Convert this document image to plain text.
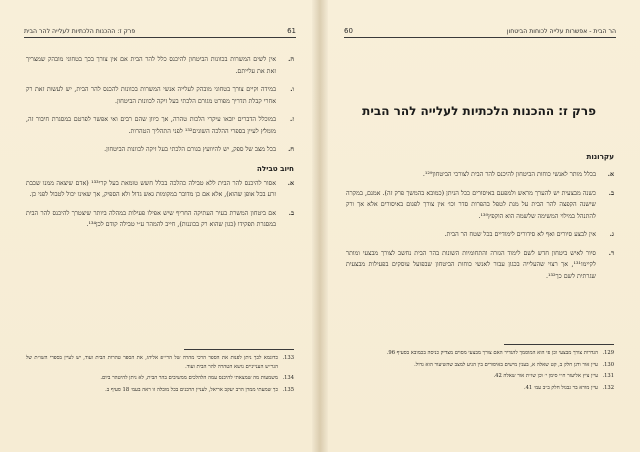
61
פרק ז: ההכנות הלכתיות לעלייה להר הבית
ה.
אין לשים המשרות בכוונות הביטחון להיכנס כלל להר הבית אם אין צורך בכך בטחוני מובהק שמצריך זאת את עלייתם.
ו.
במידה וקיים צורך בטחוני מובהק לעלייה אנשי המשרות בכוונות להכנס להר הבית, יש לעשות זאת רק אחרי קבלת תדריך מפורט מגורם הלכתי בעל זיקה לכוונות הביטחון.
ז.
במוכלל הדברים יובאו עיקרי הלכות טהרה, אך כיוון שהם רבים ואי אפשר לפרטם במסגרת חיבור זה, מומלץ לעיין בספרי ההלכה השונים¹³² לפני התהליך הטהרות.
ח.
בכל מצב של ספק, יש להיוועץ בגורם הלכתי בעל זיקה לכוונות הביטחון.
חיוב טבילה
א.
אסור להיכנס להר הבית ללא טבילה כהלכה בכלל חשש טומאת בעל קרי¹³³ (אדם שיצאה ממנו שכבת זרע בכל אופן שהוא), אלא אם כן מדובר במקומות גאש גדול ולא הספיק, אך שאינו יכול לטבול לפני כן.
ב.
אם ביטחון המשרת בעיר העתיקה החריף שיש אפילו פעילות במהלה ביותר שיצטרך להיכנס להר הבית במסגרת תפקידו (כגון שהוא רק בכוננות), חייב להמהר ע״י טבילה קודם לכן¹³⁴.
133.
כדוגמא לכך ניתן לפנות את הספר הרכי מהרה של הרי״פ אליהו, את הספר טהרות הבית ועוד, יש לעיין בספרי השו״ת של הגר״ש הענייניים נושא הטהרה להר הבית ועוד.
134.
משמעות מה שמצאתי להיכנס עמה הלהלכים ממשיבים בהר הבית, לא ניתן להיטהר ביום.
135.
כך שמעתי ממרן הרב יעקב אריאל, לעניין הרבנים בכל מובלה זו ראה בעמ׳ 18 סעיף ב.
הר הבית - אפשרות עלייה לכוחות הביטחון
60
פרק ז: ההכנות הלכתיות לעלייה להר הבית
עקרונות
א.
בכלל מותר לאנשי כוחות הביטחון להיכנס להר הבית לצורכי הביטחון¹²⁹.
ב.
כשנה מבצעית יש להערך מראש ולמפעם באיסורים ככל הניתן (כמובא בהמשך פרק זה). אמנם, במקרה שישנה הקפצה להר הבית על מנת לטפל בהפרות סדר וכו׳ אין צורך לפגום באיסורים אלא אך ורק להתנהל במילוי המשימה שלשמה הוא הוקפץ¹³⁰.
ג.
אין לבצע סיורים ואף לא סידורים לימודיים בכל שטח הר הבית.
ד.
סיור לאיש ביטחון חדש לשם לימוד הגזרה והתחומיות השונות בהר הבית נחשב לצורך מבצעי ומותר לקיימו¹³¹, אך רצוי שהעלייה בכגון עבור לאנשי כוחות הביטחון שבפועל עוסקים בפעילות מבצעית שגרתית לשם כך¹³².
129.
הגדרות צורך מבצעי וכן פי הוא המוסמך להגדיר האם צורך מבצעי מסוים מצדיק כניסה בכמובא בסעיף 96.
130.
עיין אור ודגן חלק ב, קט שאלה א, בענין מישים באיסורים בין הגיע למצב שהשיעור הוא גדול.
131.
עיין ציץ אליעזר ח״י סימן י׳ וכן שו״ת אור שאלה 42.
132.
עיין מורא בר גבגול חלק ב״ב עמ׳ 41.
